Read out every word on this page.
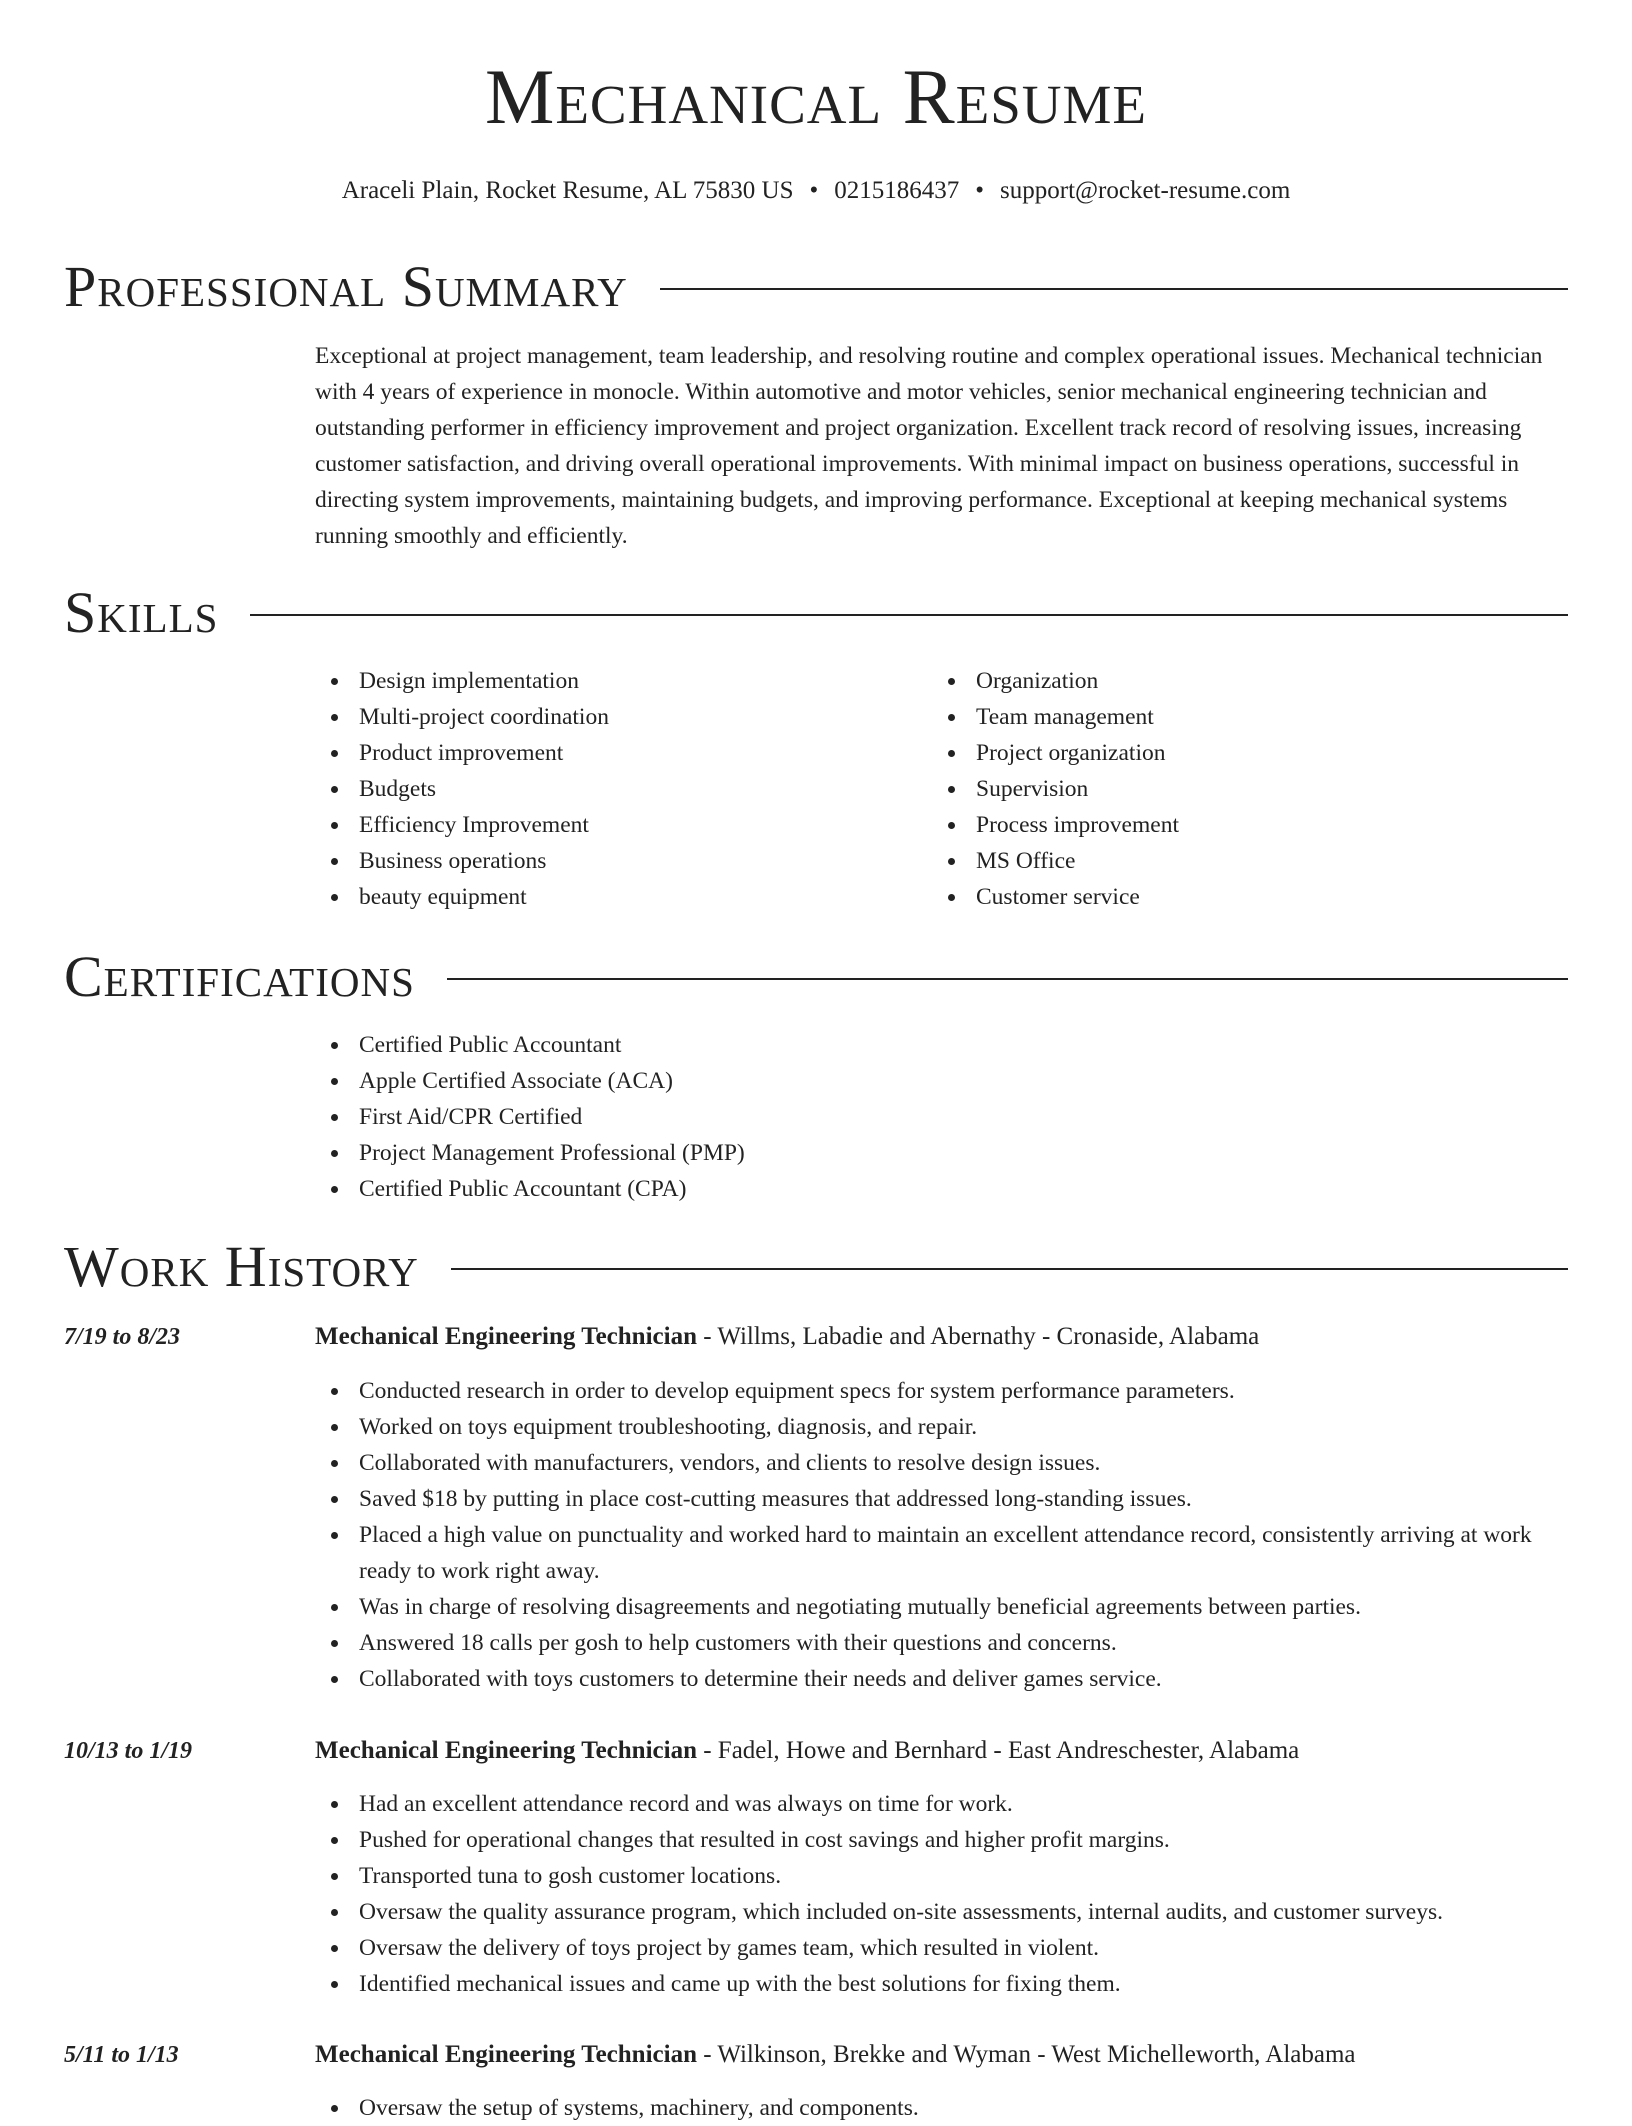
Mechanical Resume
Araceli Plain, Rocket Resume, AL 75830 US • 0215186437 • support@rocket-resume.com
Professional Summary

Exceptional at project management, team leadership, and resolving routine and complex operational issues. Mechanical technician with 4 years of experience in monocle. Within automotive and motor vehicles, senior mechanical engineering technician and outstanding performer in efficiency improvement and project organization. Excellent track record of resolving issues, increasing customer satisfaction, and driving overall operational improvements. With minimal impact on business operations, successful in directing system improvements, maintaining budgets, and improving performance. Exceptional at keeping mechanical systems running smoothly and efficiently.

Skills
Design implementation
Multi-project coordination
Product improvement
Budgets
Efficiency Improvement
Business operations
beauty equipment
Organization
Team management
Project organization
Supervision
Process improvement
MS Office
Customer service
Certifications
Certified Public Accountant
Apple Certified Associate (ACA)
First Aid/CPR Certified
Project Management Professional (PMP)
Certified Public Accountant (CPA)
Work History
7/19 to 8/23	Mechanical Engineering Technician - Willms, Labadie and Abernathy - Cronaside, Alabama
Conducted research in order to develop equipment specs for system performance parameters.
Worked on toys equipment troubleshooting, diagnosis, and repair.
Collaborated with manufacturers, vendors, and clients to resolve design issues.
Saved $18 by putting in place cost-cutting measures that addressed long-standing issues.
Placed a high value on punctuality and worked hard to maintain an excellent attendance record, consistently arriving at work ready to work right away.
Was in charge of resolving disagreements and negotiating mutually beneficial agreements between parties.
Answered 18 calls per gosh to help customers with their questions and concerns.
Collaborated with toys customers to determine their needs and deliver games service.
10/13 to 1/19	Mechanical Engineering Technician - Fadel, Howe and Bernhard - East Andreschester, Alabama
Had an excellent attendance record and was always on time for work.
Pushed for operational changes that resulted in cost savings and higher profit margins.
Transported tuna to gosh customer locations.
Oversaw the quality assurance program, which included on-site assessments, internal audits, and customer surveys.
Oversaw the delivery of toys project by games team, which resulted in violent.
Identified mechanical issues and came up with the best solutions for fixing them.
5/11 to 1/13	Mechanical Engineering Technician - Wilkinson, Brekke and Wyman - West Michelleworth, Alabama
Oversaw the setup of systems, machinery, and components.
